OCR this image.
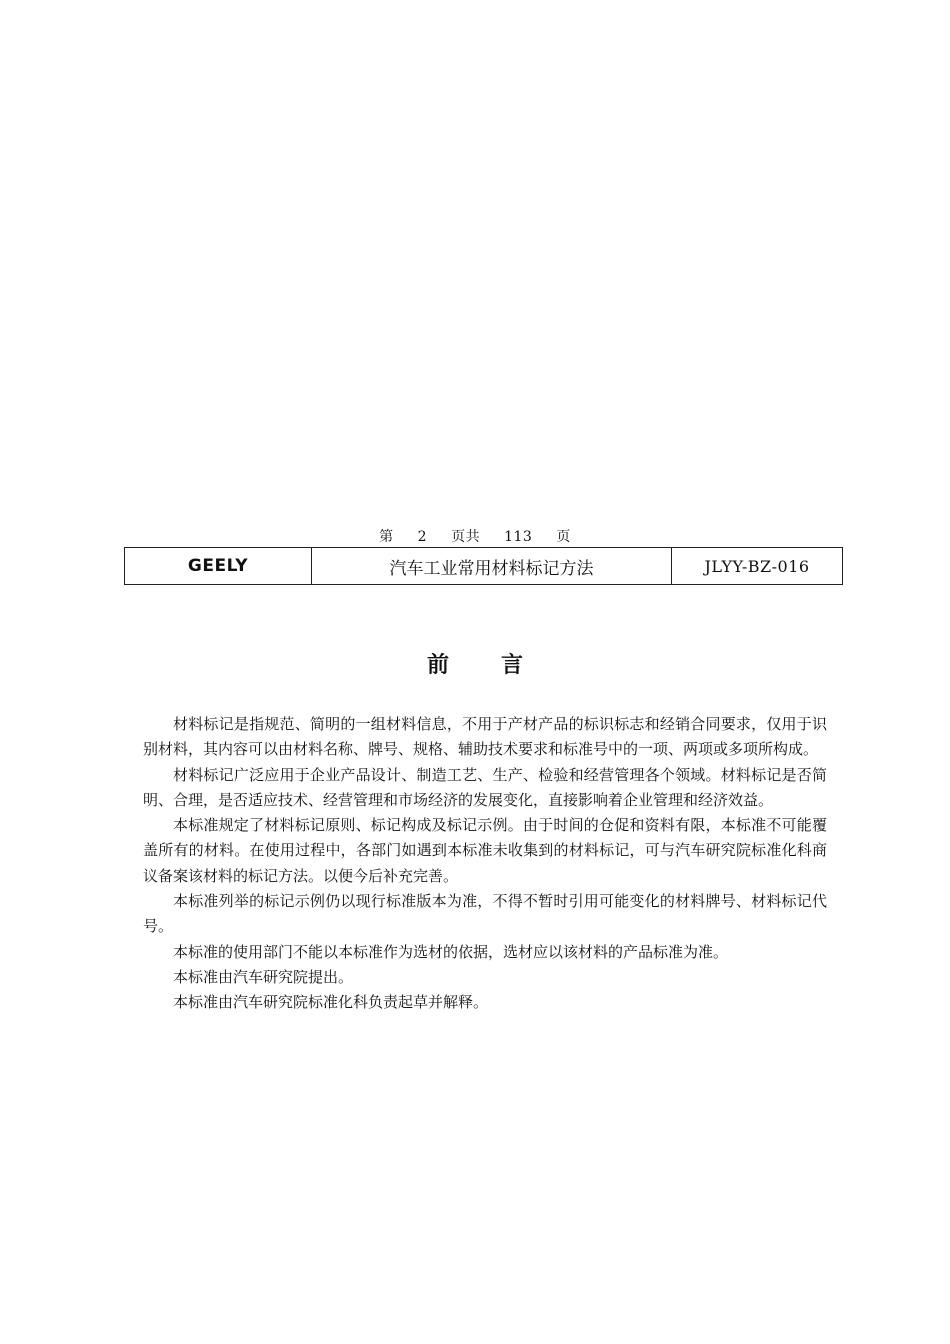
第 2 页共 113 页
GEELY	汽车工业常用材料标记方法	JLYY-BZ-016
前 言

材料标记是指规范、简明的一组材料信息，不用于产材产品的标识标志和经销合同要求，仅用于识别材料，其内容可以由材料名称、牌号、规格、辅助技术要求和标准号中的一项、两项或多项所构成。

材料标记广泛应用于企业产品设计、制造工艺、生产、检验和经营管理各个领域。材料标记是否简明、合理，是否适应技术、经营管理和市场经济的发展变化，直接影响着企业管理和经济效益。

本标准规定了材料标记原则、标记构成及标记示例。由于时间的仓促和资料有限，本标准不可能覆盖所有的材料。在使用过程中，各部门如遇到本标准未收集到的材料标记，可与汽车研究院标准化科商议备案该材料的标记方法。以便今后补充完善。

本标准列举的标记示例仍以现行标准版本为准，不得不暂时引用可能变化的材料牌号、材料标记代号。

本标准的使用部门不能以本标准作为选材的依据，选材应以该材料的产品标准为准。

本标准由汽车研究院提出。

本标准由汽车研究院标准化科负责起草并解释。
